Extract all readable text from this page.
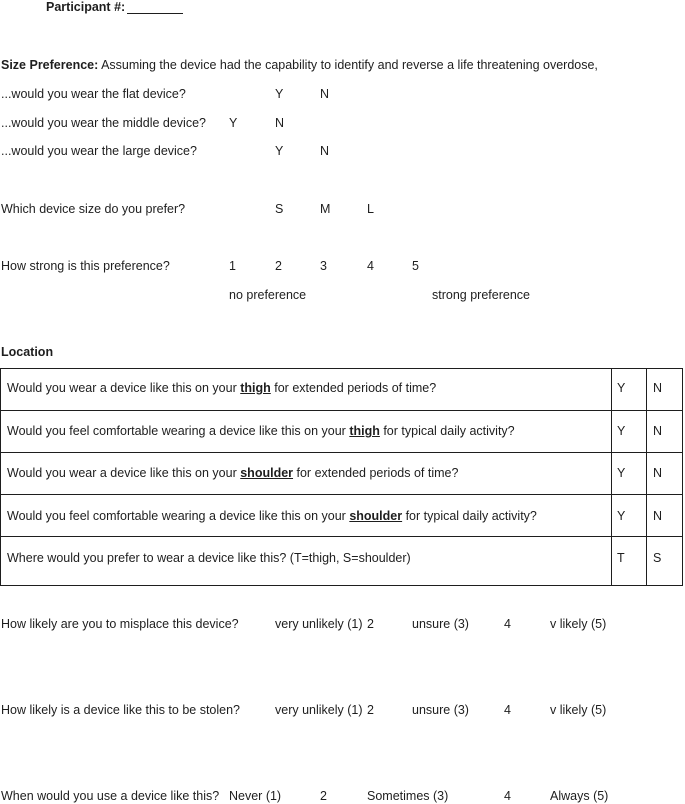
Participant #:
Size Preference: Assuming the device had the capability to identify and reverse a life threatening overdose,
...would you wear the flat device?	Y	N
...would you wear the middle device? Y	N
...would you wear the large device?	Y	N
Which device size do you prefer?	S	M	L
How strong is this preference?	1	2	3	4	5
no preference	strong preference
Location
Would you wear a device like this on your thigh for extended periods of time?	Y N
Would you feel comfortable wearing a device like this on your thigh for typical daily activity?	Y N
Would you wear a device like this on your shoulder for extended periods of time?	Y N
Would you feel comfortable wearing a device like this on your shoulder for typical daily activity?	Y N
Where would you prefer to wear a device like this? (T=thigh, S=shoulder)	T S
How likely are you to misplace this device?	very unlikely (1) 2	unsure (3)	4	v likely (5)
How likely is a device like this to be stolen?	very unlikely (1) 2	unsure (3)	4	v likely (5)
When would you use a device like this? Never (1)	2	Sometimes (3)	4	Always (5)
